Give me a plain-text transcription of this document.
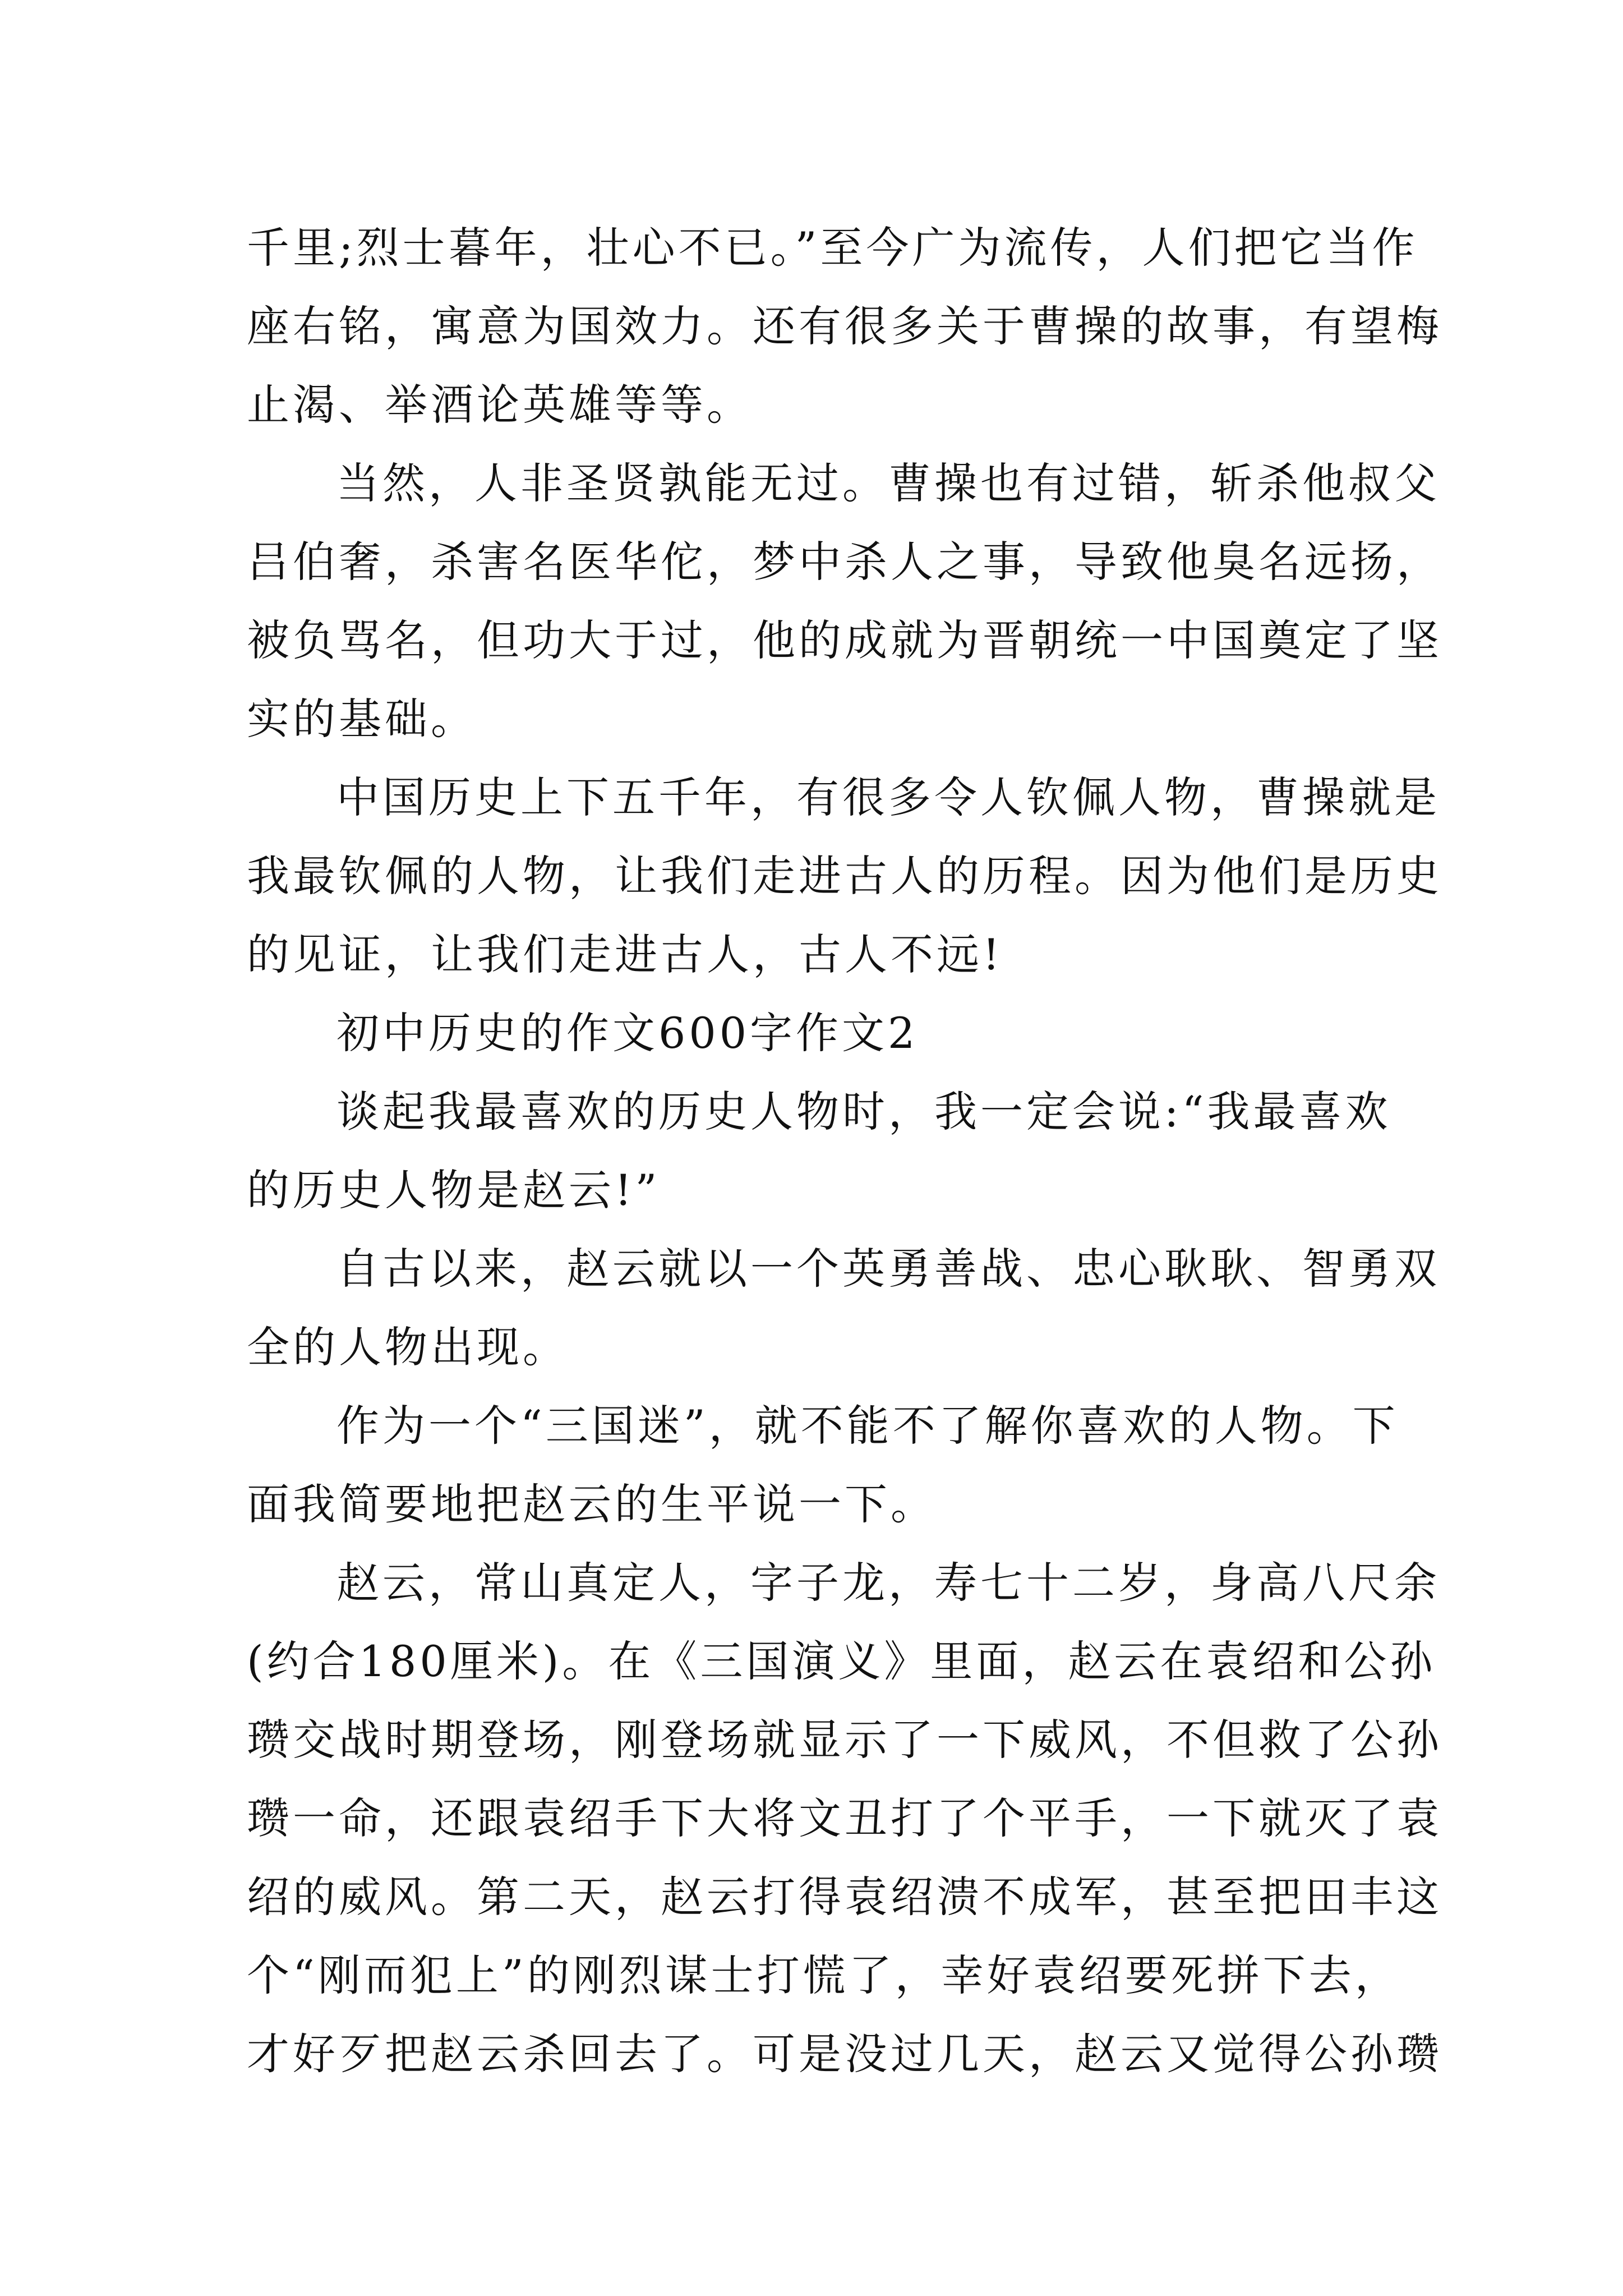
千里;烈士暮年，壮心不已。”至今广为流传，人们把它当作
座右铭，寓意为国效力。还有很多关于曹操的故事，有望梅
止渴、举酒论英雄等等。
当然，人非圣贤孰能无过。曹操也有过错，斩杀他叔父
吕伯奢，杀害名医华佗，梦中杀人之事，导致他臭名远扬，
被负骂名，但功大于过，他的成就为晋朝统一中国奠定了坚
实的基础。
中国历史上下五千年，有很多令人钦佩人物，曹操就是
我最钦佩的人物，让我们走进古人的历程。因为他们是历史
的见证，让我们走进古人，古人不远!
初中历史的作文600字作文2
谈起我最喜欢的历史人物时，我一定会说:“我最喜欢
的历史人物是赵云!”
自古以来，赵云就以一个英勇善战、忠心耿耿、智勇双
全的人物出现。
作为一个“三国迷”，就不能不了解你喜欢的人物。下
面我简要地把赵云的生平说一下。
赵云，常山真定人，字子龙，寿七十二岁，身高八尺余
(约合180厘米)。在《三国演义》里面，赵云在袁绍和公孙
瓒交战时期登场，刚登场就显示了一下威风，不但救了公孙
瓒一命，还跟袁绍手下大将文丑打了个平手，一下就灭了袁
绍的威风。第二天，赵云打得袁绍溃不成军，甚至把田丰这
个“刚而犯上”的刚烈谋士打慌了，幸好袁绍要死拼下去，
才好歹把赵云杀回去了。可是没过几天，赵云又觉得公孙瓒
